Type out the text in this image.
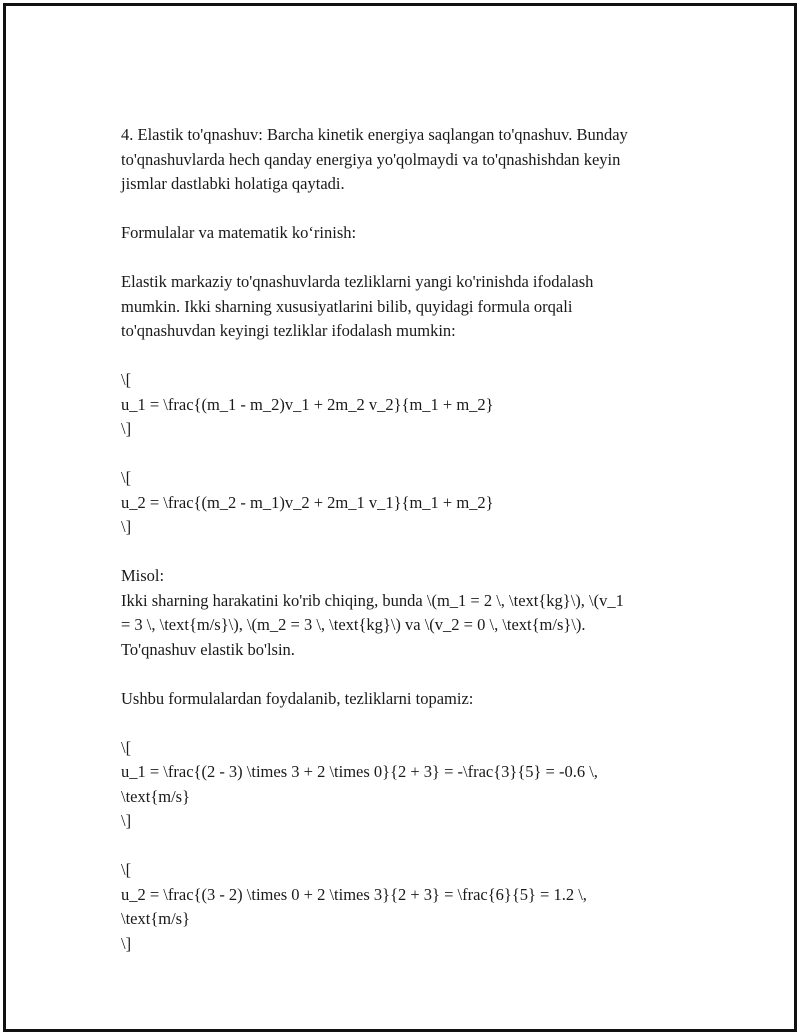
4. Elastik to'qnashuv: Barcha kinetik energiya saqlangan to'qnashuv. Bunday
to'qnashuvlarda hech qanday energiya yo'qolmaydi va to'qnashishdan keyin
jismlar dastlabki holatiga qaytadi.
Formulalar va matematik ko‘rinish:
Elastik markaziy to'qnashuvlarda tezliklarni yangi ko'rinishda ifodalash
mumkin. Ikki sharning xususiyatlarini bilib, quyidagi formula orqali
to'qnashuvdan keyingi tezliklar ifodalash mumkin:
\[
u_1 = \frac{(m_1 - m_2)v_1 + 2m_2 v_2}{m_1 + m_2}
\]
\[
u_2 = \frac{(m_2 - m_1)v_2 + 2m_1 v_1}{m_1 + m_2}
\]
Misol:
Ikki sharning harakatini ko'rib chiqing, bunda \(m_1 = 2 \, \text{kg}\), \(v_1
= 3 \, \text{m/s}\), \(m_2 = 3 \, \text{kg}\) va \(v_2 = 0 \, \text{m/s}\).
To'qnashuv elastik bo'lsin.
Ushbu formulalardan foydalanib, tezliklarni topamiz:
\[
u_1 = \frac{(2 - 3) \times 3 + 2 \times 0}{2 + 3} = -\frac{3}{5} = -0.6 \,
\text{m/s}
\]
\[
u_2 = \frac{(3 - 2) \times 0 + 2 \times 3}{2 + 3} = \frac{6}{5} = 1.2 \,
\text{m/s}
\]
